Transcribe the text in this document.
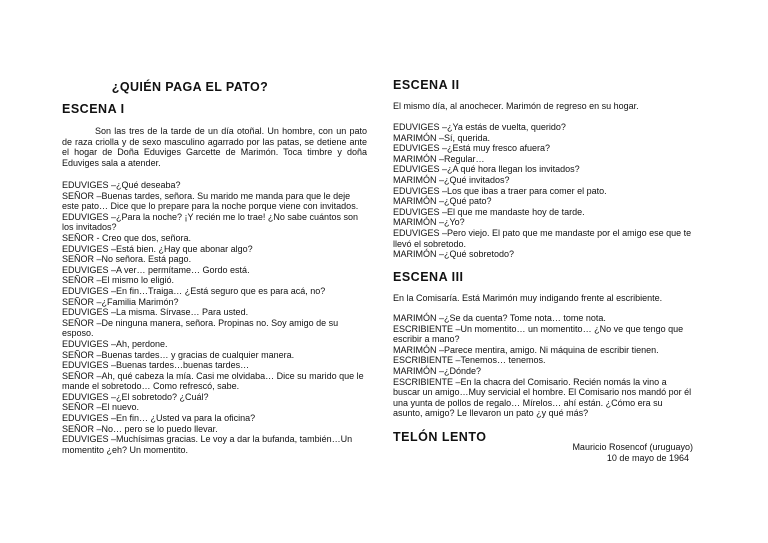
¿QUIÉN PAGA EL PATO?
ESCENA I
Son las tres de la tarde de un día otoñal. Un hombre, con un pato de raza criolla y de sexo masculino agarrado por las patas, se detiene ante el hogar de Doña Eduviges Garcette de Marimón. Toca timbre y doña Eduviges sala a atender.
EDUVIGES –¿Qué deseaba?
SEÑOR –Buenas tardes, señora. Su marido me manda para que le deje este pato… Dice que lo prepare para la noche porque viene con invitados.
EDUVIGES –¿Para la noche? ¡Y recién me lo trae! ¿No sabe cuántos son los invitados?
SEÑOR - Creo que dos, señora.
EDUVIGES –Está bien. ¿Hay que abonar algo?
SEÑOR –No señora. Está pago.
EDUVIGES –A ver… permítame… Gordo está.
SEÑOR –El mismo lo eligió.
EDUVIGES –En fin…Traiga… ¿Está seguro que es para acá, no?
SEÑOR –¿Familia Marimón?
EDUVIGES –La misma. Sírvase… Para usted.
SEÑOR –De ninguna manera, señora. Propinas no. Soy amigo de su esposo.
EDUVIGES –Ah, perdone.
SEÑOR –Buenas tardes… y gracias de cualquier manera.
EDUVIGES –Buenas tardes…buenas tardes…
SEÑOR –Ah, qué cabeza la mía. Casi me olvidaba… Dice su marido que le mande el sobretodo… Como refrescó, sabe.
EDUVIGES –¿El sobretodo? ¿Cuál?
SEÑOR –El nuevo.
EDUVIGES –En fin… ¿Usted va para la oficina?
SEÑOR –No… pero se lo puedo llevar.
EDUVIGES –Muchísimas gracias. Le voy a dar la bufanda, también…Un momentito ¿eh? Un momentito.
ESCENA II
El mismo día, al anochecer. Marimón de regreso en su hogar.
EDUVIGES –¿Ya estás de vuelta, querido?
MARIMÓN –Sí, querida.
EDUVIGES –¿Está muy fresco afuera?
MARIMÓN –Regular…
EDUVIGES –¿A qué hora llegan los invitados?
MARIMÓN –¿Qué invitados?
EDUVIGES –Los que ibas a traer para comer el pato.
MARIMÓN –¿Qué pato?
EDUVIGES –El que me mandaste hoy de tarde.
MARIMÓN –¿Yo?
EDUVIGES –Pero viejo. El pato que me mandaste por el amigo ese que te llevó el sobretodo.
MARIMÓN –¿Qué sobretodo?
ESCENA III
En la Comisaría. Está Marimón muy indigando frente al escribiente.
MARIMÓN –¿Se da cuenta? Tome nota… tome nota.
ESCRIBIENTE –Un momentito… un momentito… ¿No ve que tengo que escribir a mano?
MARIMÓN –Parece mentira, amigo. Ni máquina de escribir tienen.
ESCRIBIENTE –Tenemos… tenemos.
MARIMÓN –¿Dónde?
ESCRIBIENTE –En la chacra del Comisario. Recién nomás la vino a buscar un amigo…Muy servicial el hombre. El Comisario nos mandó por él una yunta de pollos de regalo… Mírelos… ahí están. ¿Cómo era su asunto, amigo? Le llevaron un pato ¿y qué más?
TELÓN LENTO
Mauricio Rosencof (uruguayo)
10 de mayo de 1964
